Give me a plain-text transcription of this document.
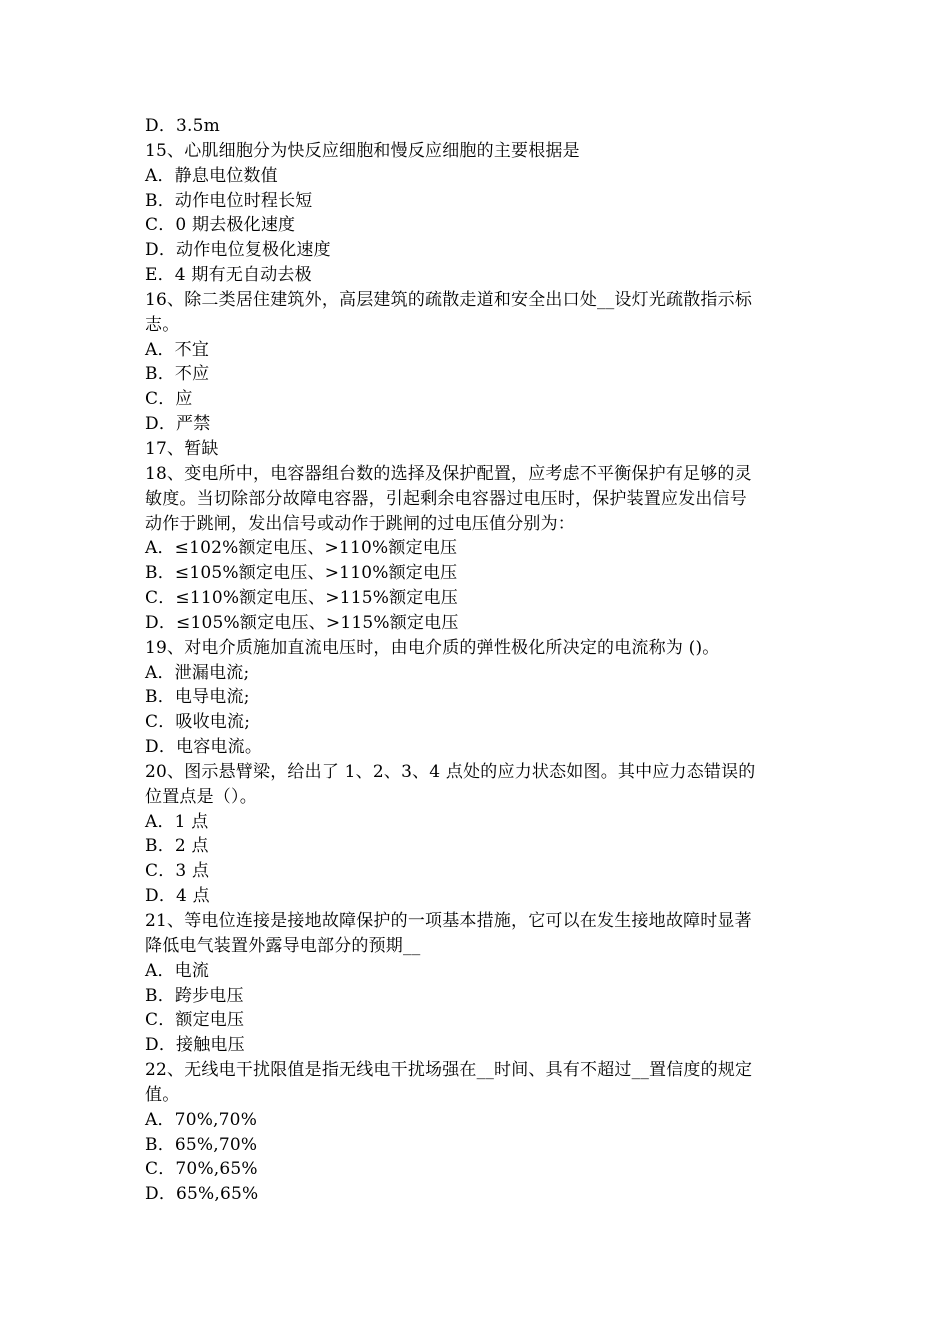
D．3.5m
15、心肌细胞分为快反应细胞和慢反应细胞的主要根据是
A．静息电位数值
B．动作电位时程长短
C．0 期去极化速度
D．动作电位复极化速度
E．4 期有无自动去极
16、除二类居住建筑外，高层建筑的疏散走道和安全出口处__设灯光疏散指示标
志。
A．不宜
B．不应
C．应
D．严禁
17、暂缺
18、变电所中，电容器组台数的选择及保护配置，应考虑不平衡保护有足够的灵
敏度。当切除部分故障电容器，引起剩余电容器过电压时，保护装置应发出信号
动作于跳闸，发出信号或动作于跳闸的过电压值分别为：
A．≤102%额定电压、>110%额定电压
B．≤105%额定电压、>110%额定电压
C．≤110%额定电压、>115%额定电压
D．≤105%额定电压、>115%额定电压
19、对电介质施加直流电压时，由电介质的弹性极化所决定的电流称为 ()。
A．泄漏电流;
B．电导电流;
C．吸收电流;
D．电容电流。
20、图示悬臂梁，给出了 1、2、3、4 点处的应力状态如图。其中应力态错误的
位置点是（）。
A．1 点
B．2 点
C．3 点
D．4 点
21、等电位连接是接地故障保护的一项基本措施，它可以在发生接地故障时显著
降低电气装置外露导电部分的预期__
A．电流
B．跨步电压
C．额定电压
D．接触电压
22、无线电干扰限值是指无线电干扰场强在__时间、具有不超过__置信度的规定
值。
A．70%,70%
B．65%,70%
C．70%,65%
D．65%,65%
